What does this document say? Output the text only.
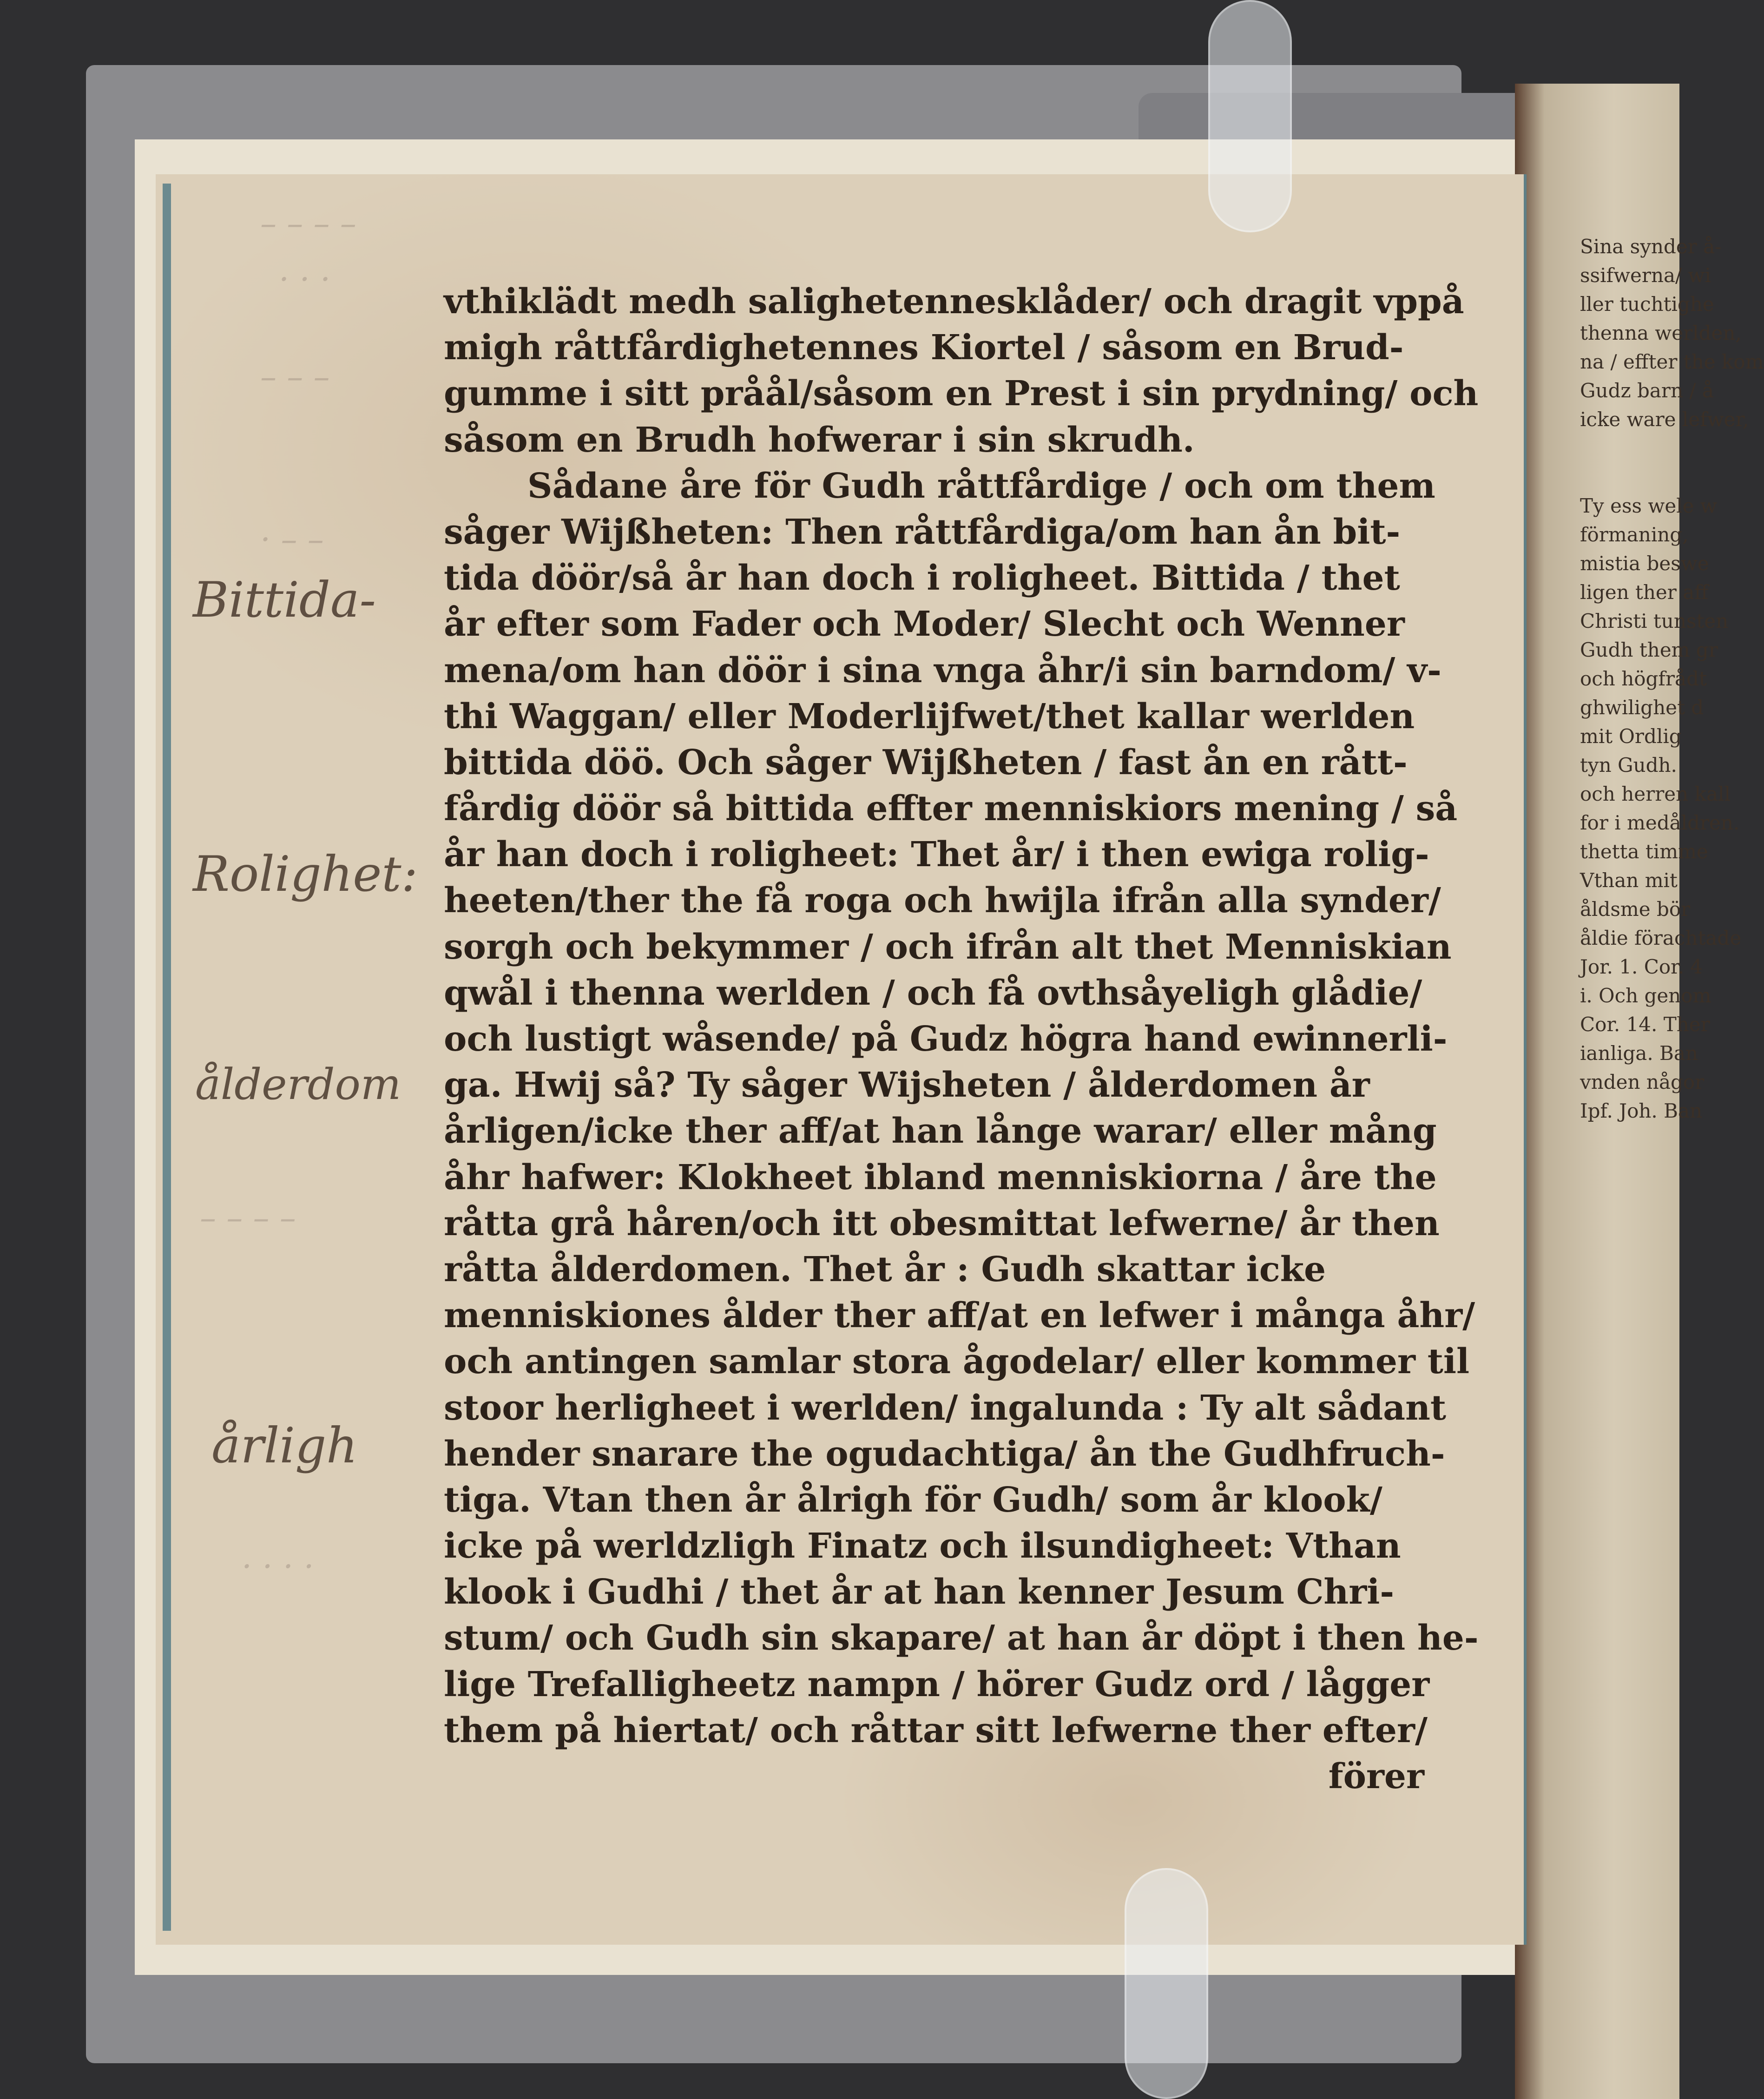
Sina synder å-
ssifwerna/ wi
ller tuchtighe
thenna werlden,
na / effter the kom
Gudz barn / å
icke ware lefwer,

Ty ess wele w
förmaning,
mistia beswe
ligen ther aff
Christi tunsten
Gudh them gr
och högfrådt
ghwilighet d
mit Ordlig
tyn Gudh.
och herren kall
for i medåldren.
thetta timme
Vthan mit
åldsme bör
åldie förachtade
Jor. 1. Cor. 4
i. Och genom
Cor. 14. Ther
ianliga. Ban
vnden någor
Ipf. Joh. Ban
– – – –
· · ·
– – –
· – –
– – – –
· · · ·
Bittida-
Rolighet:
ålderdom
årligh
vthiklädt medh salighetennesklåder/ och dragit vppå
migh råttfårdighetennes Kiortel / såsom en Brud-
gumme i sitt pråål/såsom en Prest i sin prydning/ och
såsom en Brudh hofwerar i sin skrudh.
Sådane åre för Gudh råttfårdige / och om them
såger Wijßheten: Then råttfårdiga/om han ån bit-
tida döör/så år han doch i roligheet. Bittida / thet
år efter som Fader och Moder/ Slecht och Wenner
mena/om han döör i sina vnga åhr/i sin barndom/ v-
thi Waggan/ eller Moderlijfwet/thet kallar werlden
bittida döö. Och såger Wijßheten / fast ån en rått-
fårdig döör så bittida effter menniskiors mening / så
år han doch i roligheet: Thet år/ i then ewiga rolig-
heeten/ther the få roga och hwijla ifrån alla synder/
sorgh och bekymmer / och ifrån alt thet Menniskian
qwål i thenna werlden / och få ovthsåyeligh glådie/
och lustigt wåsende/ på Gudz högra hand ewinnerli-
ga. Hwij så? Ty såger Wijsheten / ålderdomen år
årligen/icke ther aff/at han långe warar/ eller mång
åhr hafwer: Klokheet ibland menniskiorna / åre the
råtta grå håren/och itt obesmittat lefwerne/ år then
råtta ålderdomen. Thet år : Gudh skattar icke
menniskiones ålder ther aff/at en lefwer i många åhr/
och antingen samlar stora ågodelar/ eller kommer til
stoor herligheet i werlden/ ingalunda : Ty alt sådant
hender snarare the ogudachtiga/ ån the Gudhfruch-
tiga. Vtan then år ålrigh för Gudh/ som år klook/
icke på werldzligh Finatz och ilsundigheet: Vthan
klook i Gudhi / thet år at han kenner Jesum Chri-
stum/ och Gudh sin skapare/ at han år döpt i then he-
lige Trefalligheetz nampn / hörer Gudz ord / lågger
them på hiertat/ och råttar sitt lefwerne ther efter/
förer
